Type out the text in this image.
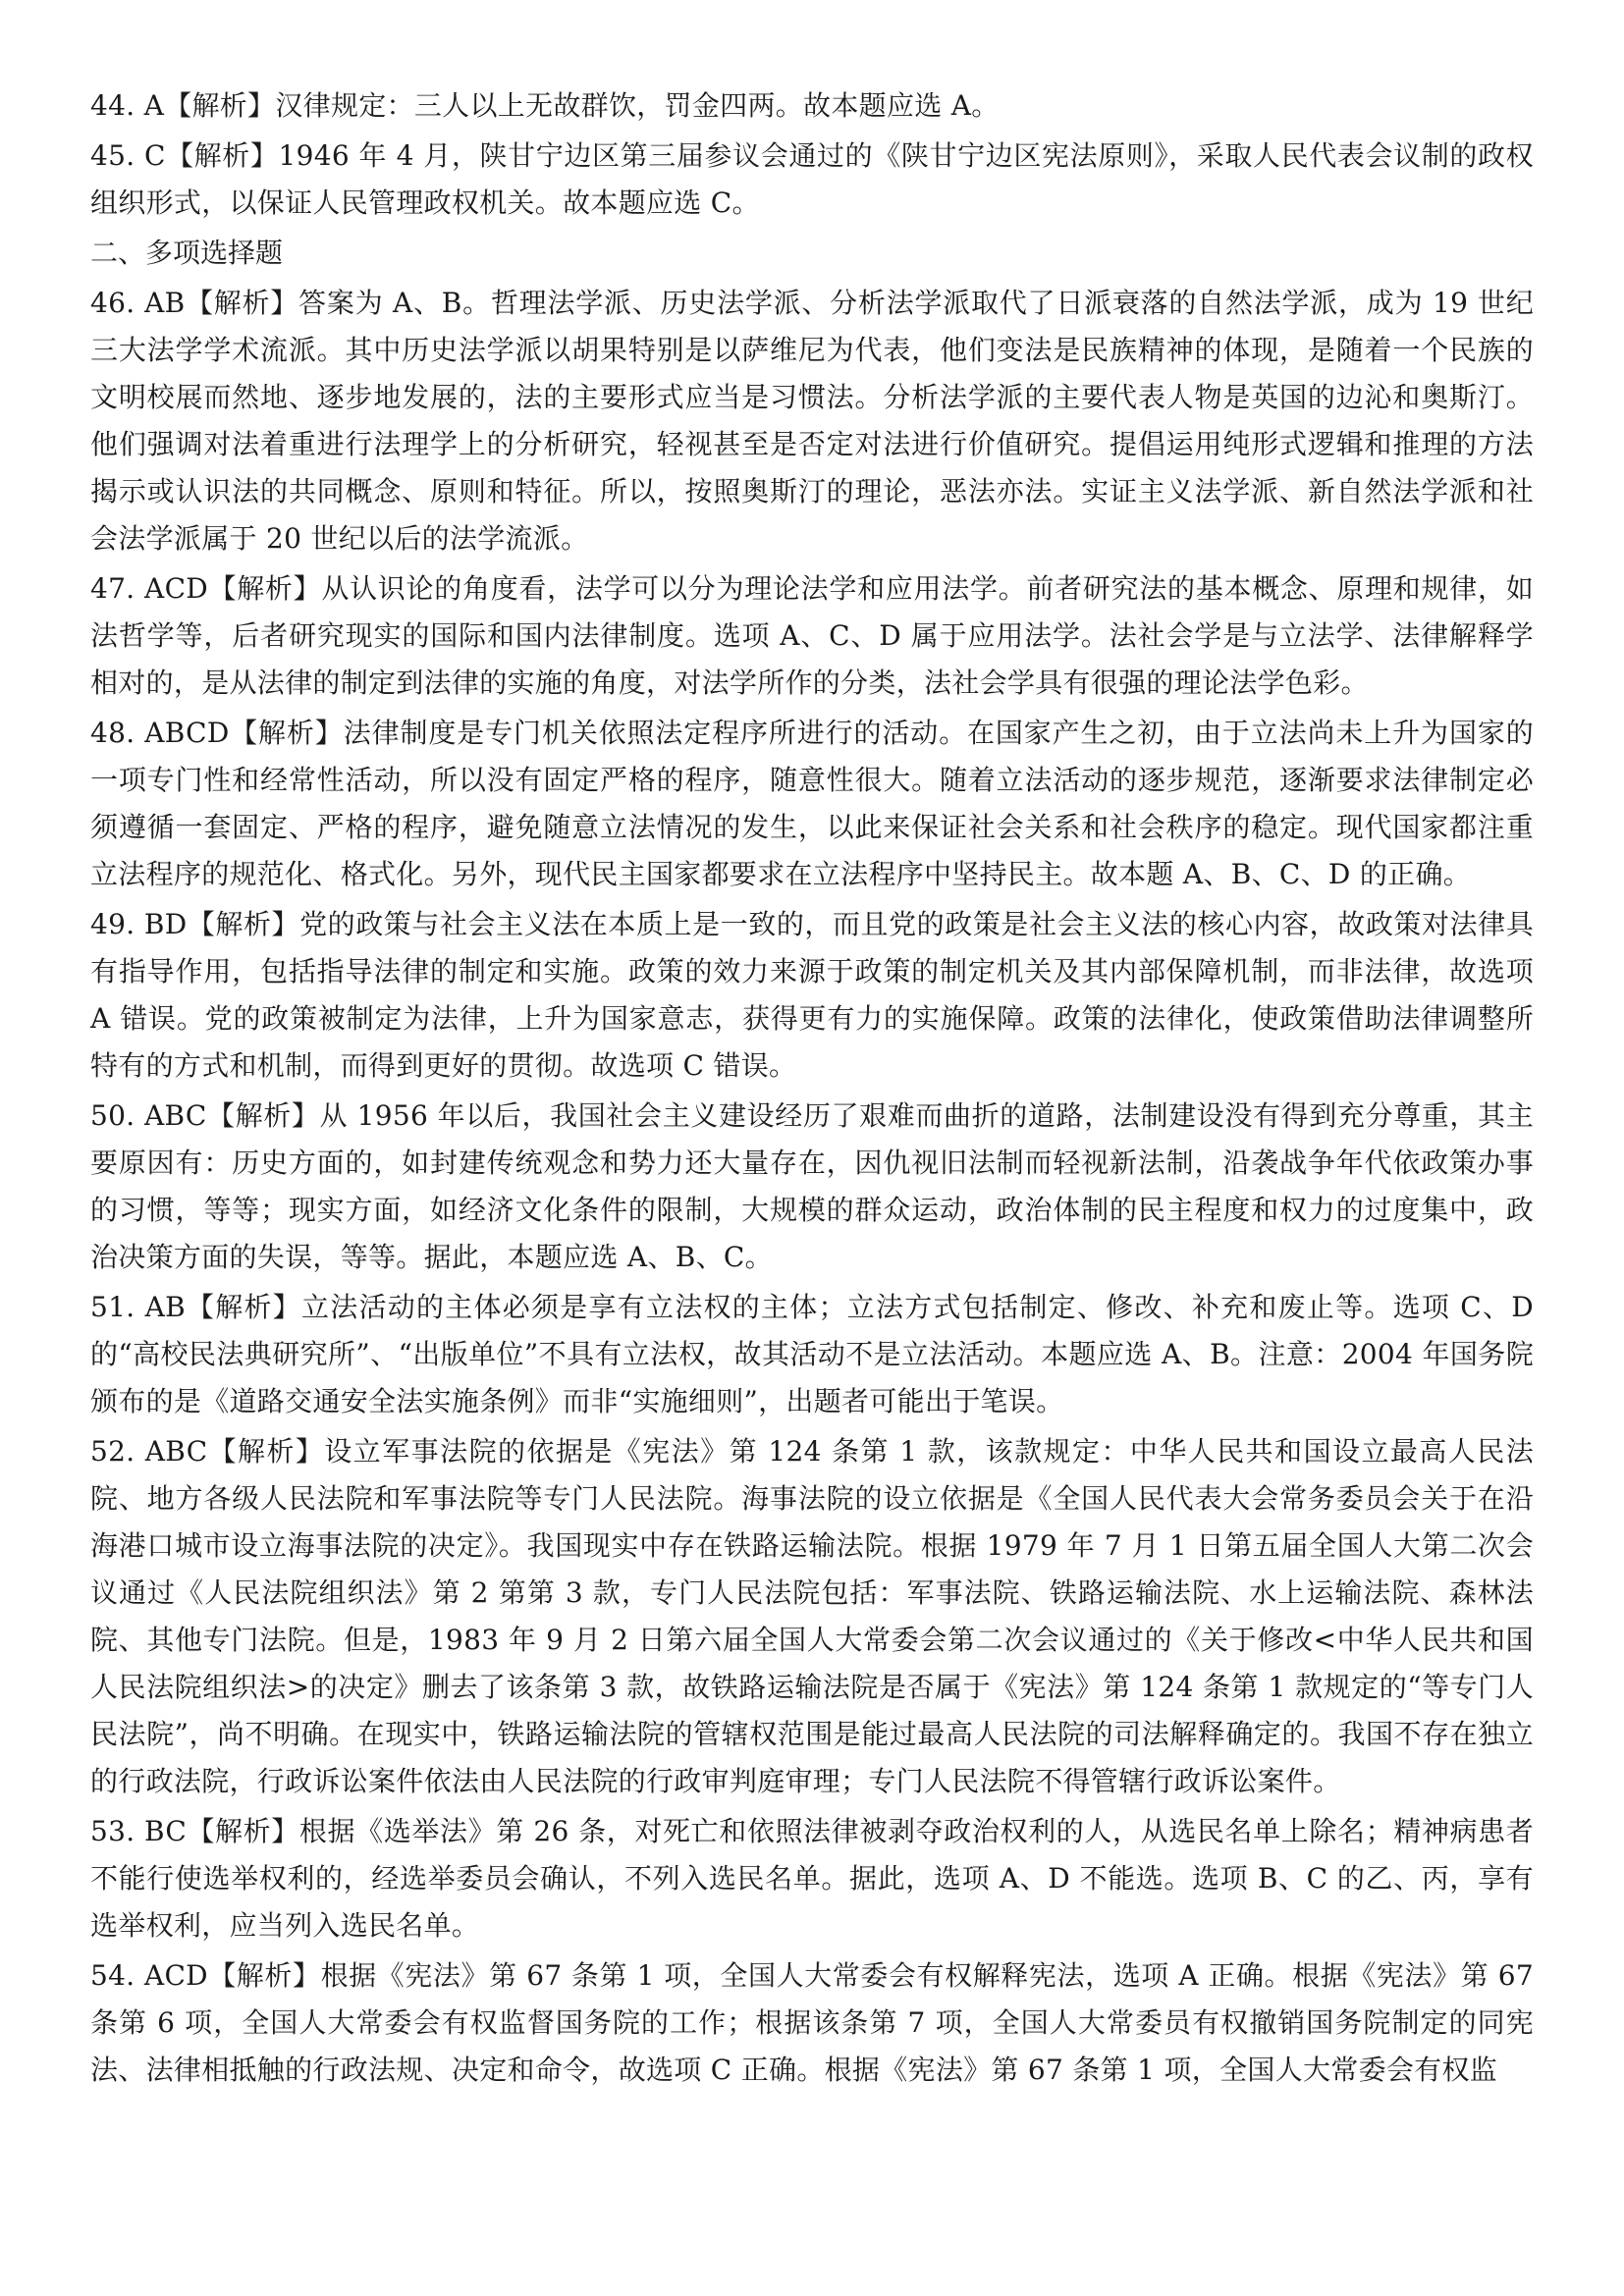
44. A【解析】汉律规定：三人以上无故群饮，罚金四两。故本题应选 A。

45. C【解析】1946 年 4 月，陕甘宁边区第三届参议会通过的《陕甘宁边区宪法原则》，采取人民代表会议制的政权组织形式，以保证人民管理政权机关。故本题应选 C。

二、多项选择题

46. AB【解析】答案为 A、B。哲理法学派、历史法学派、分析法学派取代了日派衰落的自然法学派，成为 19 世纪三大法学学术流派。其中历史法学派以胡果特别是以萨维尼为代表，他们变法是民族精神的体现，是随着一个民族的文明校展而然地、逐步地发展的，法的主要形式应当是习惯法。分析法学派的主要代表人物是英国的边沁和奥斯汀。他们强调对法着重进行法理学上的分析研究，轻视甚至是否定对法进行价值研究。提倡运用纯形式逻辑和推理的方法揭示或认识法的共同概念、原则和特征。所以，按照奥斯汀的理论，恶法亦法。实证主义法学派、新自然法学派和社会法学派属于 20 世纪以后的法学流派。

47. ACD【解析】从认识论的角度看，法学可以分为理论法学和应用法学。前者研究法的基本概念、原理和规律，如法哲学等，后者研究现实的国际和国内法律制度。选项 A、C、D 属于应用法学。法社会学是与立法学、法律解释学相对的，是从法律的制定到法律的实施的角度，对法学所作的分类，法社会学具有很强的理论法学色彩。

48. ABCD【解析】法律制度是专门机关依照法定程序所进行的活动。在国家产生之初，由于立法尚未上升为国家的一项专门性和经常性活动，所以没有固定严格的程序，随意性很大。随着立法活动的逐步规范，逐渐要求法律制定必须遵循一套固定、严格的程序，避免随意立法情况的发生，以此来保证社会关系和社会秩序的稳定。现代国家都注重立法程序的规范化、格式化。另外，现代民主国家都要求在立法程序中坚持民主。故本题 A、B、C、D 的正确。

49. BD【解析】党的政策与社会主义法在本质上是一致的，而且党的政策是社会主义法的核心内容，故政策对法律具有指导作用，包括指导法律的制定和实施。政策的效力来源于政策的制定机关及其内部保障机制，而非法律，故选项 A 错误。党的政策被制定为法律，上升为国家意志，获得更有力的实施保障。政策的法律化，使政策借助法律调整所特有的方式和机制，而得到更好的贯彻。故选项 C 错误。

50. ABC【解析】从 1956 年以后，我国社会主义建设经历了艰难而曲折的道路，法制建设没有得到充分尊重，其主要原因有：历史方面的，如封建传统观念和势力还大量存在，因仇视旧法制而轻视新法制，沿袭战争年代依政策办事的习惯，等等；现实方面，如经济文化条件的限制，大规模的群众运动，政治体制的民主程度和权力的过度集中，政治决策方面的失误，等等。据此，本题应选 A、B、C。

51. AB【解析】立法活动的主体必须是享有立法权的主体；立法方式包括制定、修改、补充和废止等。选项 C、D 的“高校民法典研究所”、“出版单位”不具有立法权，故其活动不是立法活动。本题应选 A、B。注意：2004 年国务院颁布的是《道路交通安全法实施条例》而非“实施细则”，出题者可能出于笔误。

52. ABC【解析】设立军事法院的依据是《宪法》第 124 条第 1 款，该款规定：中华人民共和国设立最高人民法院、地方各级人民法院和军事法院等专门人民法院。海事法院的设立依据是《全国人民代表大会常务委员会关于在沿海港口城市设立海事法院的决定》。我国现实中存在铁路运输法院。根据 1979 年 7 月 1 日第五届全国人大第二次会议通过《人民法院组织法》第 2 第第 3 款，专门人民法院包括：军事法院、铁路运输法院、水上运输法院、森林法院、其他专门法院。但是，1983 年 9 月 2 日第六届全国人大常委会第二次会议通过的《关于修改<中华人民共和国人民法院组织法>的决定》删去了该条第 3 款，故铁路运输法院是否属于《宪法》第 124 条第 1 款规定的“等专门人民法院”，尚不明确。在现实中，铁路运输法院的管辖权范围是能过最高人民法院的司法解释确定的。我国不存在独立的行政法院，行政诉讼案件依法由人民法院的行政审判庭审理；专门人民法院不得管辖行政诉讼案件。

53. BC【解析】根据《选举法》第 26 条，对死亡和依照法律被剥夺政治权利的人，从选民名单上除名；精神病患者不能行使选举权利的，经选举委员会确认，不列入选民名单。据此，选项 A、D 不能选。选项 B、C 的乙、丙，享有选举权利，应当列入选民名单。

54. ACD【解析】根据《宪法》第 67 条第 1 项，全国人大常委会有权解释宪法，选项 A 正确。根据《宪法》第 67 条第 6 项，全国人大常委会有权监督国务院的工作；根据该条第 7 项，全国人大常委员有权撤销国务院制定的同宪法、法律相抵触的行政法规、决定和命令，故选项 C 正确。根据《宪法》第 67 条第 1 项，全国人大常委会有权监
